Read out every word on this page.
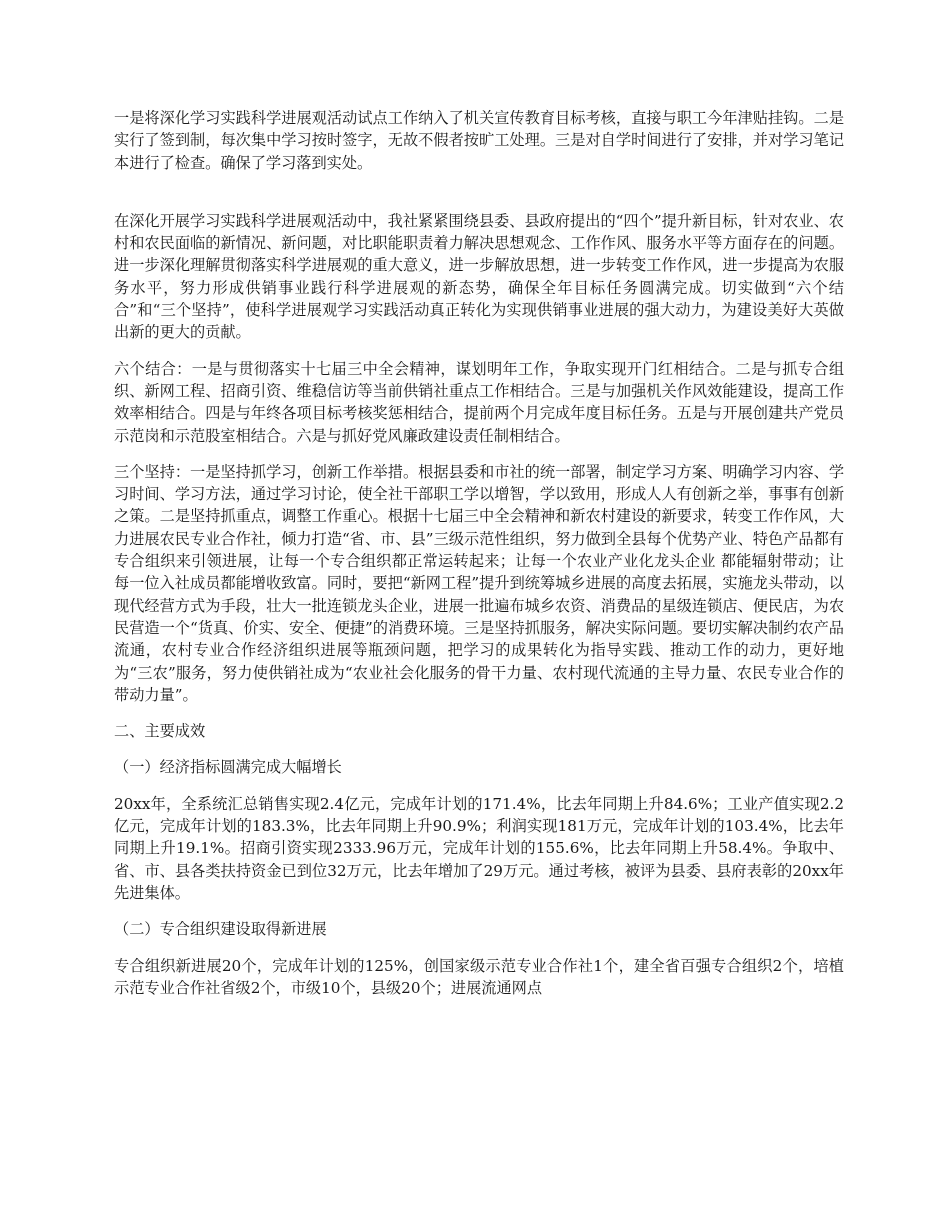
一是将深化学习实践科学进展观活动试点工作纳入了机关宣传教育目标考核，直接与职工今年津贴挂钩。二是实行了签到制，每次集中学习按时签字，无故不假者按旷工处理。三是对自学时间进行了安排，并对学习笔记本进行了检查。确保了学习落到实处。

在深化开展学习实践科学进展观活动中，我社紧紧围绕县委、县政府提出的“四个”提升新目标，针对农业、农村和农民面临的新情况、新问题，对比职能职责着力解决思想观念、工作作风、服务水平等方面存在的问题。进一步深化理解贯彻落实科学进展观的重大意义，进一步解放思想，进一步转变工作作风，进一步提高为农服务水平，努力形成供销事业践行科学进展观的新态势，确保全年目标任务圆满完成。切实做到“六个结合”和“三个坚持”，使科学进展观学习实践活动真正转化为实现供销事业进展的强大动力，为建设美好大英做出新的更大的贡献。

六个结合：一是与贯彻落实十七届三中全会精神，谋划明年工作，争取实现开门红相结合。二是与抓专合组织、新网工程、招商引资、维稳信访等当前供销社重点工作相结合。三是与加强机关作风效能建设，提高工作效率相结合。四是与年终各项目标考核奖惩相结合，提前两个月完成年度目标任务。五是与开展创建共产党员示范岗和示范股室相结合。六是与抓好党风廉政建设责任制相结合。

三个坚持：一是坚持抓学习，创新工作举措。根据县委和市社的统一部署，制定学习方案、明确学习内容、学习时间、学习方法，通过学习讨论，使全社干部职工学以增智，学以致用，形成人人有创新之举，事事有创新之策。二是坚持抓重点，调整工作重心。根据十七届三中全会精神和新农村建设的新要求，转变工作作风，大力进展农民专业合作社，倾力打造“省、市、县”三级示范性组织，努力做到全县每个优势产业、特色产品都有专合组织来引领进展，让每一个专合组织都正常运转起来；让每一个农业产业化龙头企业 都能辐射带动；让每一位入社成员都能增收致富。同时，要把“新网工程”提升到统筹城乡进展的高度去拓展，实施龙头带动，以现代经营方式为手段，壮大一批连锁龙头企业，进展一批遍布城乡农资、消费品的星级连锁店、便民店，为农民营造一个“货真、价实、安全、便捷”的消费环境。三是坚持抓服务，解决实际问题。要切实解决制约农产品流通，农村专业合作经济组织进展等瓶颈问题，把学习的成果转化为指导实践、推动工作的动力，更好地为“三农”服务，努力使供销社成为“农业社会化服务的骨干力量、农村现代流通的主导力量、农民专业合作的带动力量”。

二、主要成效

（一）经济指标圆满完成大幅增长

20xx年，全系统汇总销售实现2.4亿元，完成年计划的171.4%，比去年同期上升84.6%；工业产值实现2.2亿元，完成年计划的183.3%，比去年同期上升90.9%；利润实现181万元，完成年计划的103.4%，比去年同期上升19.1%。招商引资实现2333.96万元，完成年计划的155.6%，比去年同期上升58.4%。争取中、省、市、县各类扶持资金已到位32万元，比去年增加了29万元。通过考核，被评为县委、县府表彰的20xx年先进集体。

（二）专合组织建设取得新进展

专合组织新进展20个，完成年计划的125%，创国家级示范专业合作社1个，建全省百强专合组织2个，培植示范专业合作社省级2个，市级10个，县级20个；进展流通网点
